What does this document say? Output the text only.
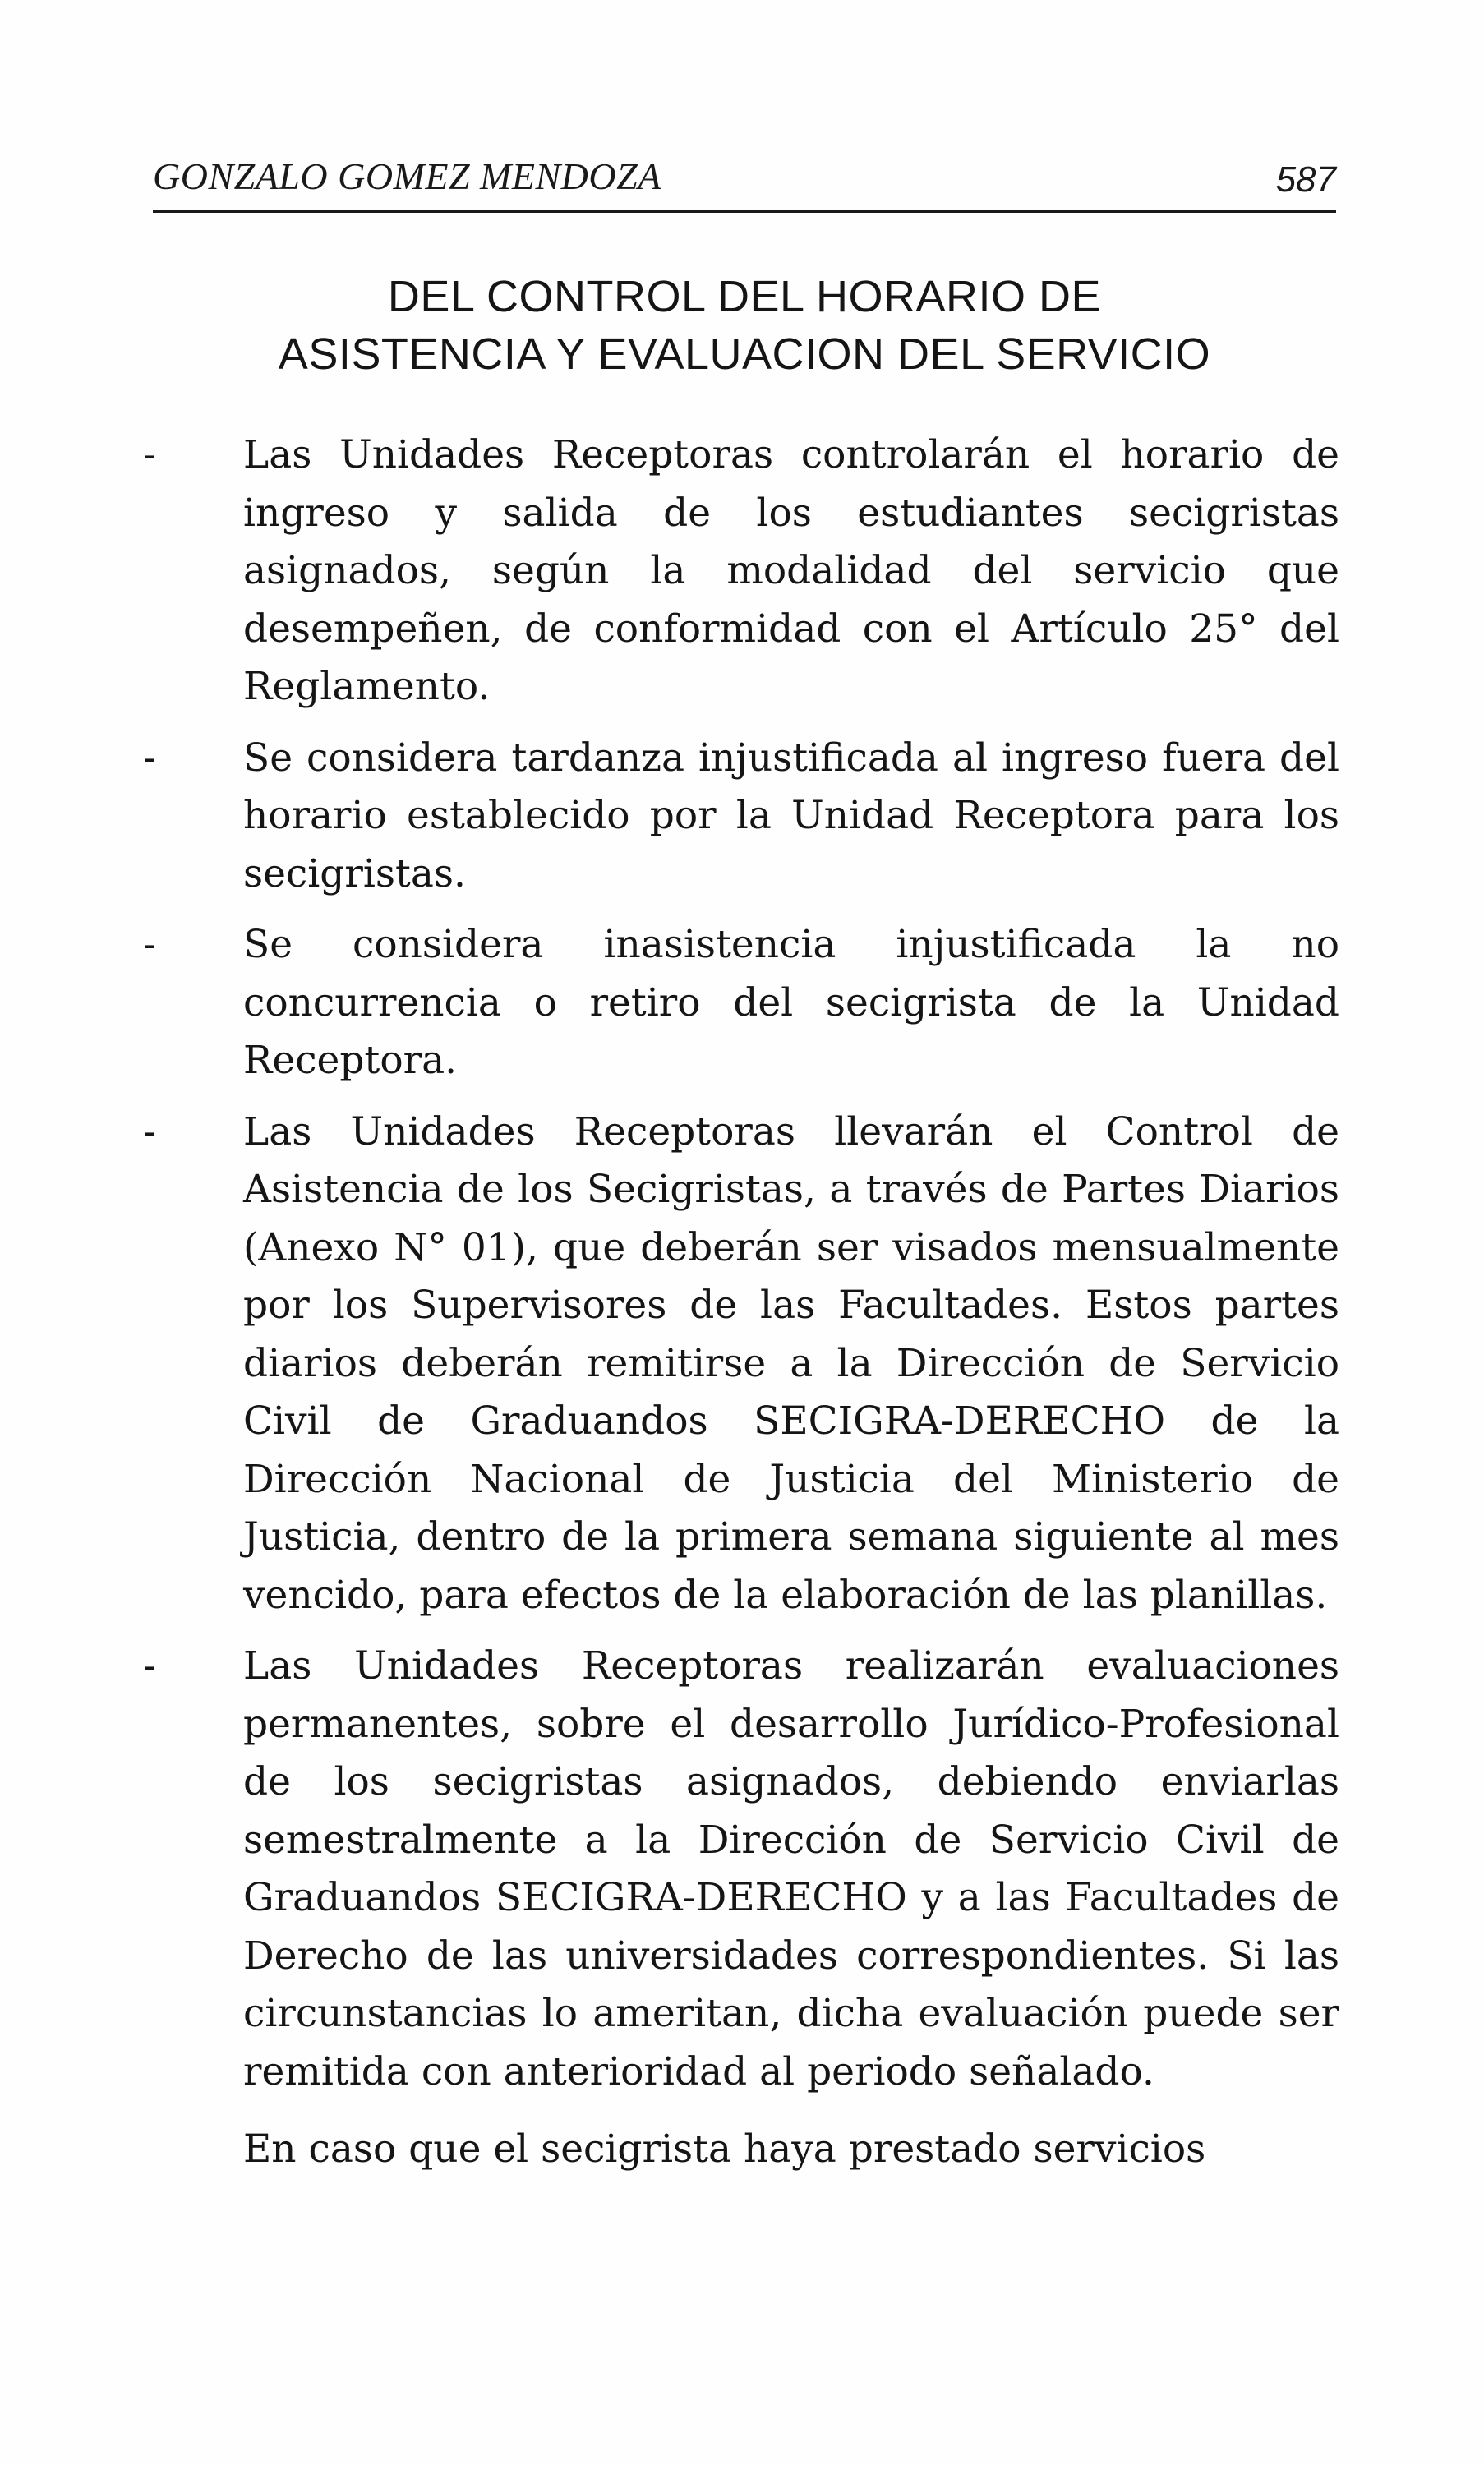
GONZALO GOMEZ MENDOZA	587
DEL CONTROL DEL HORARIO DE
ASISTENCIA Y EVALUACION DEL SERVICIO
-	Las Unidades Receptoras controlarán el horario de ingreso y salida de los estudiantes secigristas asignados, según la modalidad del servicio que desempeñen, de conformidad con el Artículo 25° del Reglamento.
-	Se considera tardanza injustificada al ingreso fuera del horario establecido por la Unidad Receptora para los secigristas.
-	Se considera inasistencia injustificada la no concurrencia o retiro del secigrista de la Unidad Receptora.
-	Las Unidades Receptoras llevarán el Control de Asistencia de los Secigristas, a través de Partes Diarios (Anexo N° 01), que deberán ser visados mensualmente por los Supervisores de las Facultades. Estos partes diarios deberán remitirse a la Dirección de Servicio Civil de Graduandos SECIGRA-DERECHO de la Dirección Nacional de Justicia del Ministerio de Justicia, dentro de la primera semana siguiente al mes vencido, para efectos de la elaboración de las planillas.
-	Las Unidades Receptoras realizarán evaluaciones permanentes, sobre el desarrollo Jurídico-Profesional de los secigristas asignados, debiendo enviarlas semestralmente a la Dirección de Servicio Civil de Graduandos SECIGRA-DERECHO y a las Facultades de Derecho de las universidades correspondientes. Si las circunstancias lo ameritan, dicha evaluación puede ser remitida con anterioridad al periodo señalado.
En caso que el secigrista haya prestado servicios
